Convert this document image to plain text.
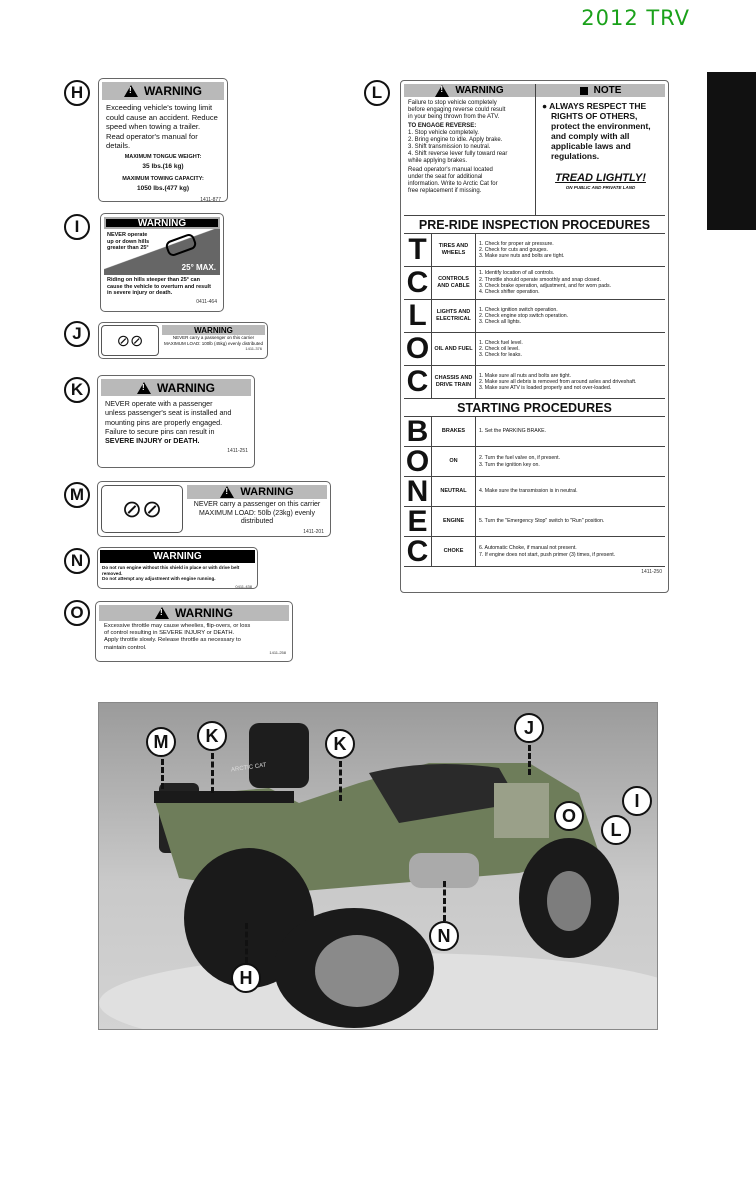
2012 TRV
H !	WARNING
Exceeding vehicle's towing limit
could cause an accident. Reduce
speed when towing a trailer.
Read operator's manual for details.
MAXIMUM TONGUE WEIGHT:
35 lbs.(16 kg)
MAXIMUM TOWING CAPACITY:
1050 lbs.(477 kg)
1411-877
I	WARNING
NEVER operate up or down hills greater than 25°
25° MAX.
Riding on hills steeper than 25° can cause the vehicle to overturn and result in severe injury or death.
0411-464
J	⊘⊘
WARNING
NEVER carry a passenger on this carrier MAXIMUM LOAD: 100lb (45kg) evenly distributed
1411-376
K !	WARNING
NEVER operate with a passenger
unless passenger's seat is installed and
mounting pins are properly engaged.
Failure to secure pins can result in
SEVERE INJURY or DEATH.
1411-251
M
⊘⊘
!
WARNING
NEVER carry a passenger on this carrier MAXIMUM LOAD: 50lb (23kg) evenly distributed
1411-201
N	WARNING
Do not run engine without this shield in place or with drive belt removed.
Do not attempt any adjustment with engine running.
0411-438
O !	WARNING
Excessive throttle may cause wheelies, flip-overs, or loss
of control resulting in SEVERE INJURY or DEATH.
Apply throttle slowly. Release throttle as necessary to
maintain control.
1411-258
L !	WARNING
Failure to stop vehicle completely
before engaging reverse could result
in your being thrown from the ATV.
TO ENGAGE REVERSE:
1. Stop vehicle completely.
2. Bring engine to idle. Apply brake.
3. Shift transmission to neutral.
4. Shift reverse lever fully toward rear
while applying brakes.
Read operator's manual located
under the seat for additional
information. Write to Arctic Cat for
free replacement if missing.
NOTE
● ALWAYS RESPECT THE
RIGHTS OF OTHERS,
protect the environment,
and comply with all
applicable laws and
regulations.
TREAD LIGHTLY!
ON PUBLIC AND PRIVATE LAND
PRE-RIDE INSPECTION PROCEDURES
T	TIRES AND WHEELS
1. Check for proper air pressure.
2. Check for cuts and gouges.
3. Make sure nuts and bolts are tight.
C	CONTROLS AND CABLE
1. Identify location of all controls.
2. Throttle should operate smoothly and snap closed.
3. Check brake operation, adjustment, and for worn pads.
4. Check shifter operation.
L	LIGHTS AND ELECTRICAL
1. Check ignition switch operation.
2. Check engine stop switch operation.
3. Check all lights.
O OIL AND FUEL
1. Check fuel level.
2. Check oil level.
3. Check for leaks.
C	CHASSIS AND DRIVE TRAIN
1. Make sure all nuts and bolts are tight.
2. Make sure all debris is removed from around axles and driveshaft.
3. Make sure ATV is loaded properly and not over-loaded.
STARTING PROCEDURES
B	BRAKES	1. Set the PARKING BRAKE.
O	ON	2. Turn the fuel valve on, if present.
3. Turn the ignition key on.
N	NEUTRAL	4. Make sure the transmission is in neutral.
E	ENGINE	5. Turn the "Emergency Stop" switch to "Run" position.
C	CHOKE	6. Automatic Choke, if manual not present.
7. If engine does not start, push primer (3) times, if present.
1411-250
M	K	K
J
I
O
L
N
H
ARCTIC CAT
